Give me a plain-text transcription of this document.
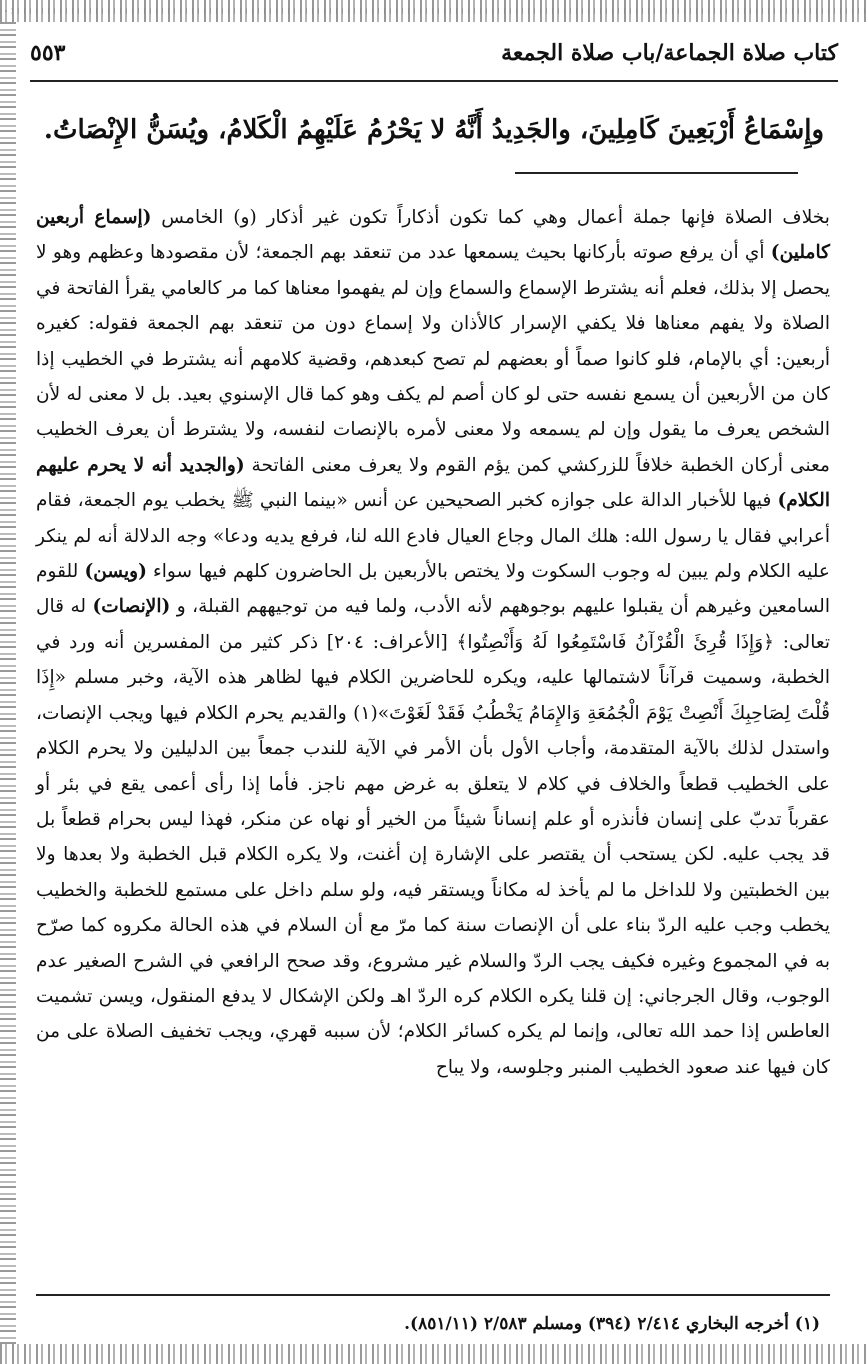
كتاب صلاة الجماعة/باب صلاة الجمعة
٥٥٣
وإِسْمَاعُ أَرْبَعِينَ كَامِلِينَ، والجَدِيدُ أَنَّهُ لا يَحْرُمُ عَلَيْهِمُ الْكَلامُ، ويُسَنُّ الإِنْصَاتُ.

بخلاف الصلاة فإنها جملة أعمال وهي كما تكون أذكاراً تكون غير أذكار (و) الخامس (إسماع أربعين كاملين) أي أن يرفع صوته بأركانها بحيث يسمعها عدد من تنعقد بهم الجمعة؛ لأن مقصودها وعظهم وهو لا يحصل إلا بذلك، فعلم أنه يشترط الإسماع والسماع وإن لم يفهموا معناها كما مر كالعامي يقرأ الفاتحة في الصلاة ولا يفهم معناها فلا يكفي الإسرار كالأذان ولا إسماع دون من تنعقد بهم الجمعة فقوله: كغيره أربعين: أي بالإمام، فلو كانوا صماً أو بعضهم لم تصح كبعدهم، وقضية كلامهم أنه يشترط في الخطيب إذا كان من الأربعين أن يسمع نفسه حتى لو كان أصم لم يكف وهو كما قال الإسنوي بعيد. بل لا معنى له لأن الشخص يعرف ما يقول وإن لم يسمعه ولا معنى لأمره بالإنصات لنفسه، ولا يشترط أن يعرف الخطيب معنى أركان الخطبة خلافاً للزركشي كمن يؤم القوم ولا يعرف معنى الفاتحة (والجديد أنه لا يحرم عليهم الكلام) فيها للأخبار الدالة على جوازه كخبر الصحيحين عن أنس «بينما النبي ﷺ يخطب يوم الجمعة، فقام أعرابي فقال يا رسول الله: هلك المال وجاع العيال فادع الله لنا، فرفع يديه ودعا» وجه الدلالة أنه لم ينكر عليه الكلام ولم يبين له وجوب السكوت ولا يختص بالأربعين بل الحاضرون كلهم فيها سواء (ويسن) للقوم السامعين وغيرهم أن يقبلوا عليهم بوجوههم لأنه الأدب، ولما فيه من توجيههم القبلة، و (الإنصات) له قال تعالى: ﴿وَإِذَا قُرِئَ الْقُرْآنُ فَاسْتَمِعُوا لَهُ وَأَنْصِتُوا﴾ [الأعراف: ٢٠٤] ذكر كثير من المفسرين أنه ورد في الخطبة، وسميت قرآناً لاشتمالها عليه، ويكره للحاضرين الكلام فيها لظاهر هذه الآية، وخبر مسلم «إِذَا قُلْتَ لِصَاحِبِكَ أَنْصِتْ يَوْمَ الْجُمُعَةِ وَالإِمَامُ يَخْطُبُ فَقَدْ لَغَوْتَ»(١) والقديم يحرم الكلام فيها ويجب الإنصات، واستدل لذلك بالآية المتقدمة، وأجاب الأول بأن الأمر في الآية للندب جمعاً بين الدليلين ولا يحرم الكلام على الخطيب قطعاً والخلاف في كلام لا يتعلق به غرض مهم ناجز. فأما إذا رأى أعمى يقع في بئر أو عقرباً تدبّ على إنسان فأنذره أو علم إنساناً شيئاً من الخير أو نهاه عن منكر، فهذا ليس بحرام قطعاً بل قد يجب عليه. لكن يستحب أن يقتصر على الإشارة إن أغنت، ولا يكره الكلام قبل الخطبة ولا بعدها ولا بين الخطبتين ولا للداخل ما لم يأخذ له مكاناً ويستقر فيه، ولو سلم داخل على مستمع للخطبة والخطيب يخطب وجب عليه الردّ بناء على أن الإنصات سنة كما مرّ مع أن السلام في هذه الحالة مكروه كما صرّح به في المجموع وغيره فكيف يجب الردّ والسلام غير مشروع، وقد صحح الرافعي في الشرح الصغير عدم الوجوب، وقال الجرجاني: إن قلنا يكره الكلام كره الردّ اهـ ولكن الإشكال لا يدفع المنقول، ويسن تشميت العاطس إذا حمد الله تعالى، وإنما لم يكره كسائر الكلام؛ لأن سببه قهري، ويجب تخفيف الصلاة على من كان فيها عند صعود الخطيب المنبر وجلوسه، ولا يباح

(١) أخرجه البخاري ٢/٤١٤ (٣٩٤) ومسلم ٢/٥٨٣ (٨٥١/١١).
